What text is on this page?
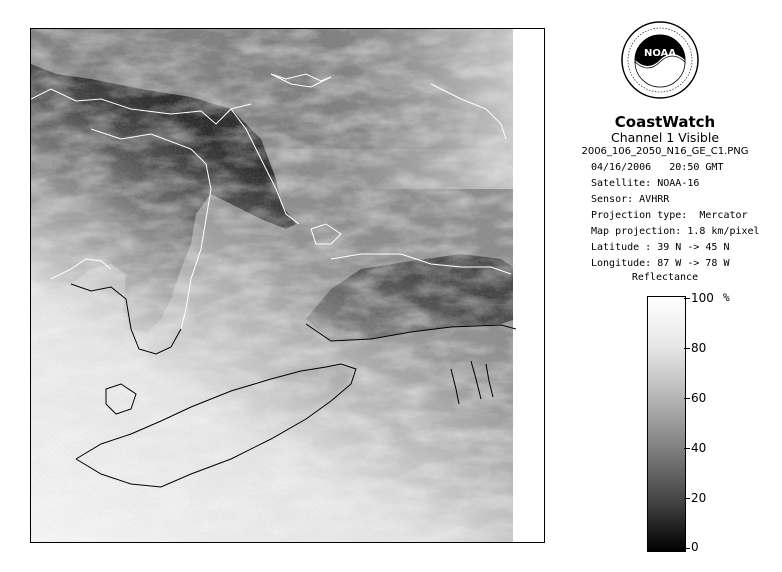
NOAA
CoastWatch
Channel 1 Visible
2006_106_2050_N16_GE_C1.PNG
04/16/2006   20:50 GMT
Satellite: NOAA-16
Sensor: AVHRR
Projection type:  Mercator
Map projection: 1.8 km/pixel
Latitude : 39 N -> 45 N
Longitude: 87 W -> 78 W
Reflectance
%
100
80
60
40
20
0
